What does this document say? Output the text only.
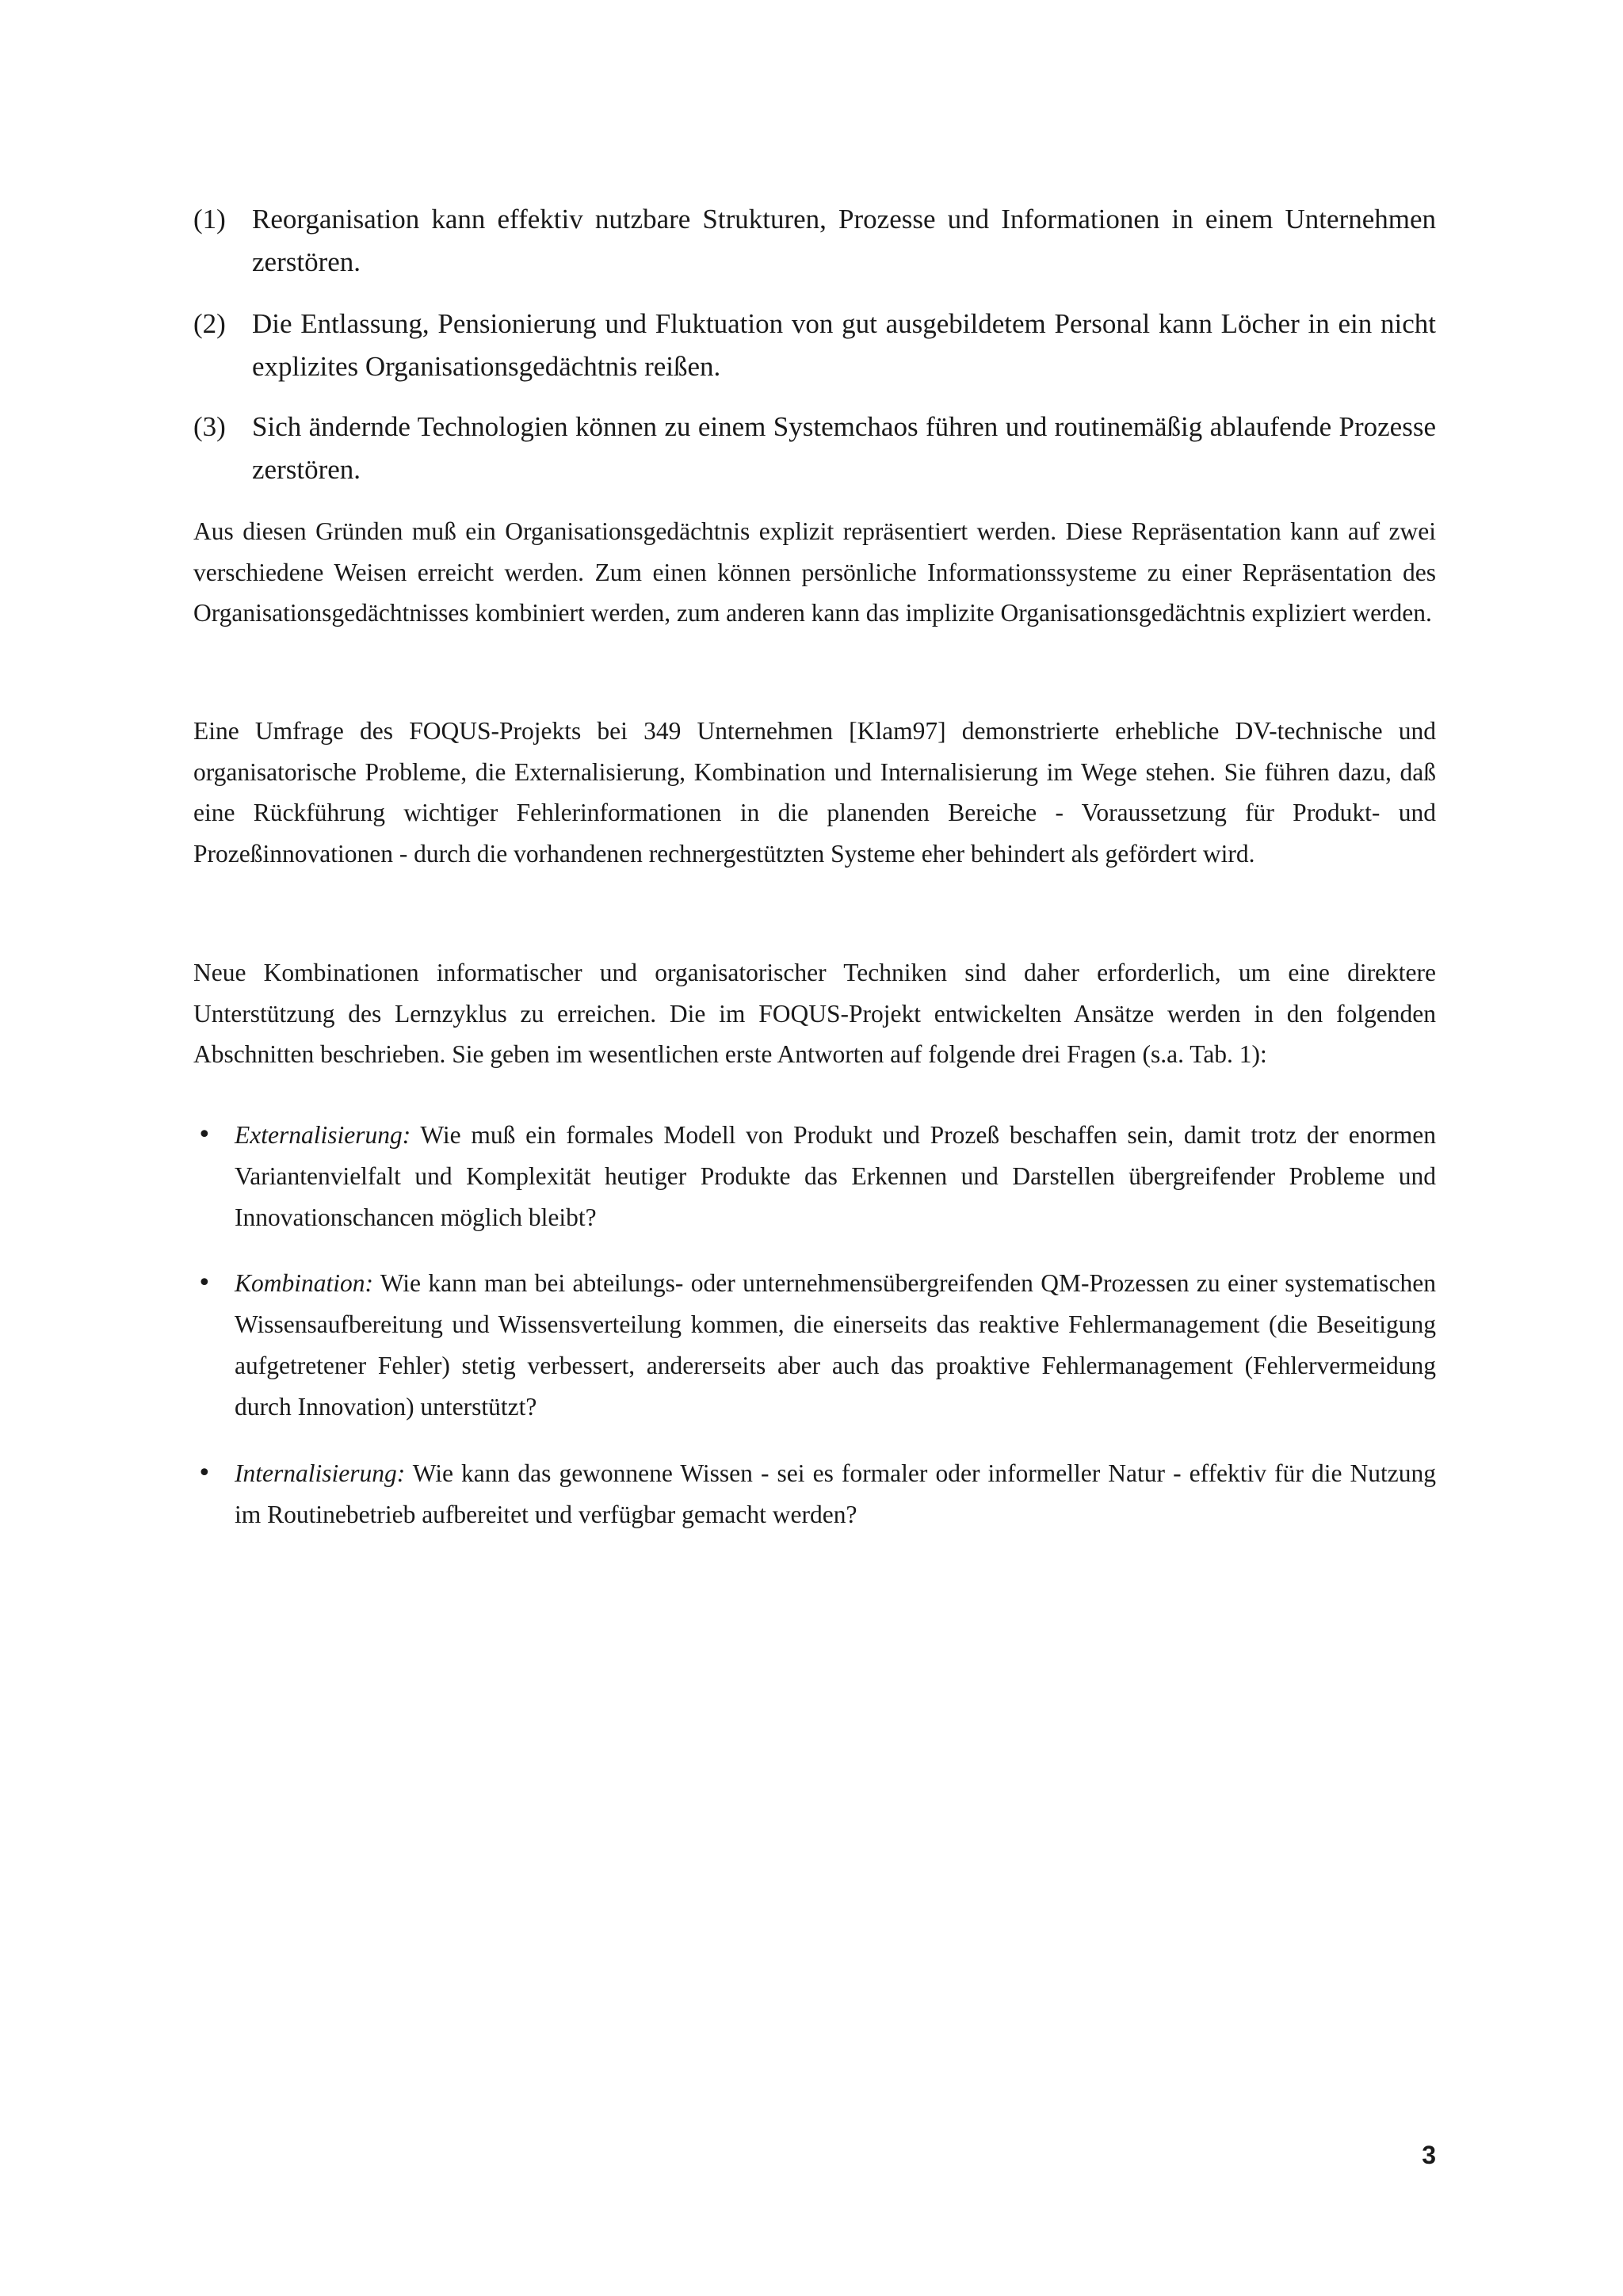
(1) Reorganisation kann effektiv nutzbare Strukturen, Prozesse und Informationen in einem Unternehmen zerstören.
(2) Die Entlassung, Pensionierung und Fluktuation von gut ausgebildetem Personal kann Löcher in ein nicht explizites Organisationsgedächtnis reißen.
(3) Sich ändernde Technologien können zu einem Systemchaos führen und routinemäßig ablaufende Prozesse zerstören.

Aus diesen Gründen muß ein Organisationsgedächtnis explizit repräsentiert werden. Diese Repräsentation kann auf zwei verschiedene Weisen erreicht werden. Zum einen können persönliche Informationssysteme zu einer Repräsentation des Organisationsgedächtnisses kombiniert werden, zum anderen kann das implizite Organisationsgedächtnis expliziert werden.

Eine Umfrage des FOQUS-Projekts bei 349 Unternehmen [Klam97] demonstrierte erhebliche DV-technische und organisatorische Probleme, die Externalisierung, Kombination und Internalisierung im Wege stehen. Sie führen dazu, daß eine Rückführung wichtiger Fehlerinformationen in die planenden Bereiche - Voraussetzung für Produkt- und Prozeßinnovationen - durch die vorhandenen rechnergestützten Systeme eher behindert als gefördert wird.

Neue Kombinationen informatischer und organisatorischer Techniken sind daher erforderlich, um eine direktere Unterstützung des Lernzyklus zu erreichen. Die im FOQUS-Projekt entwickelten Ansätze werden in den folgenden Abschnitten beschrieben. Sie geben im wesentlichen erste Antworten auf folgende drei Fragen (s.a. Tab. 1):

• Externalisierung: Wie muß ein formales Modell von Produkt und Prozeß beschaffen sein, damit trotz der enormen Variantenvielfalt und Komplexität heutiger Produkte das Erkennen und Darstellen übergreifender Probleme und Innovationschancen möglich bleibt?
• Kombination: Wie kann man bei abteilungs- oder unternehmensübergreifenden QM-Prozessen zu einer systematischen Wissensaufbereitung und Wissensverteilung kommen, die einerseits das reaktive Fehlermanagement (die Beseitigung aufgetretener Fehler) stetig verbessert, andererseits aber auch das proaktive Fehlermanagement (Fehlervermeidung durch Innovation) unterstützt?
• Internalisierung: Wie kann das gewonnene Wissen - sei es formaler oder informeller Natur - effektiv für die Nutzung im Routinebetrieb aufbereitet und verfügbar gemacht werden?
3
